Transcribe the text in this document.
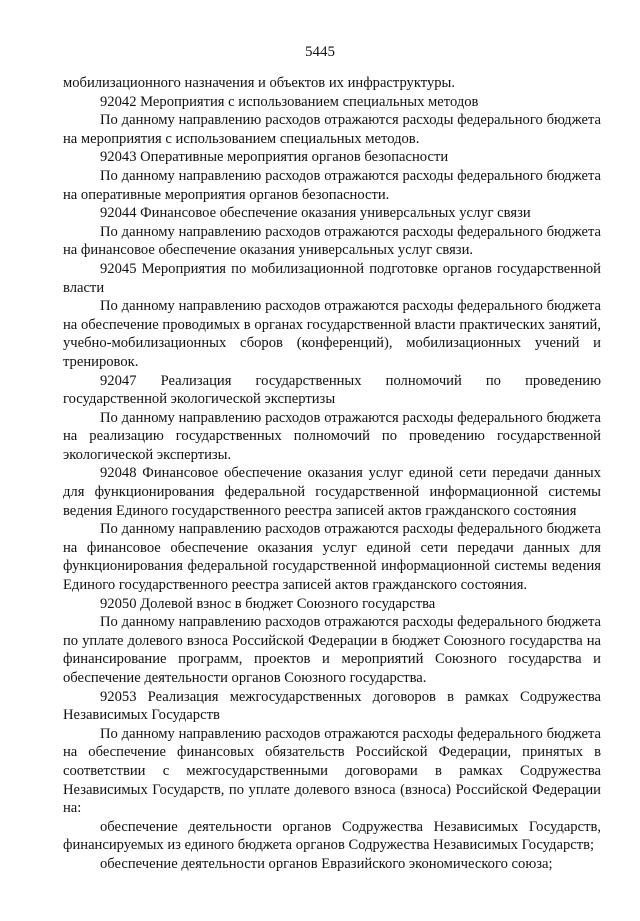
5445

мобилизационного назначения и объектов их инфраструктуры.

92042 Мероприятия с использованием специальных методов

По данному направлению расходов отражаются расходы федерального бюджета на мероприятия с использованием специальных методов.

92043 Оперативные мероприятия органов безопасности

По данному направлению расходов отражаются расходы федерального бюджета на оперативные мероприятия органов безопасности.

92044 Финансовое обеспечение оказания универсальных услуг связи

По данному направлению расходов отражаются расходы федерального бюджета на финансовое обеспечение оказания универсальных услуг связи.

92045 Мероприятия по мобилизационной подготовке органов государственной власти

По данному направлению расходов отражаются расходы федерального бюджета на обеспечение проводимых в органах государственной власти практических занятий, учебно-мобилизационных сборов (конференций), мобилизационных учений и тренировок.

92047 Реализация государственных полномочий по проведению государственной экологической экспертизы

По данному направлению расходов отражаются расходы федерального бюджета на реализацию государственных полномочий по проведению государственной экологической экспертизы.

92048 Финансовое обеспечение оказания услуг единой сети передачи данных для функционирования федеральной государственной информационной системы ведения Единого государственного реестра записей актов гражданского состояния

По данному направлению расходов отражаются расходы федерального бюджета на финансовое обеспечение оказания услуг единой сети передачи данных для функционирования федеральной государственной информационной системы ведения Единого государственного реестра записей актов гражданского состояния.

92050 Долевой взнос в бюджет Союзного государства

По данному направлению расходов отражаются расходы федерального бюджета по уплате долевого взноса Российской Федерации в бюджет Союзного государства на финансирование программ, проектов и мероприятий Союзного государства и обеспечение деятельности органов Союзного государства.

92053 Реализация межгосударственных договоров в рамках Содружества Независимых Государств

По данному направлению расходов отражаются расходы федерального бюджета на обеспечение финансовых обязательств Российской Федерации, принятых в соответствии с межгосударственными договорами в рамках Содружества Независимых Государств, по уплате долевого взноса (взноса) Российской Федерации на:

обеспечение деятельности органов Содружества Независимых Государств, финансируемых из единого бюджета органов Содружества Независимых Государств;

обеспечение деятельности органов Евразийского экономического союза;
